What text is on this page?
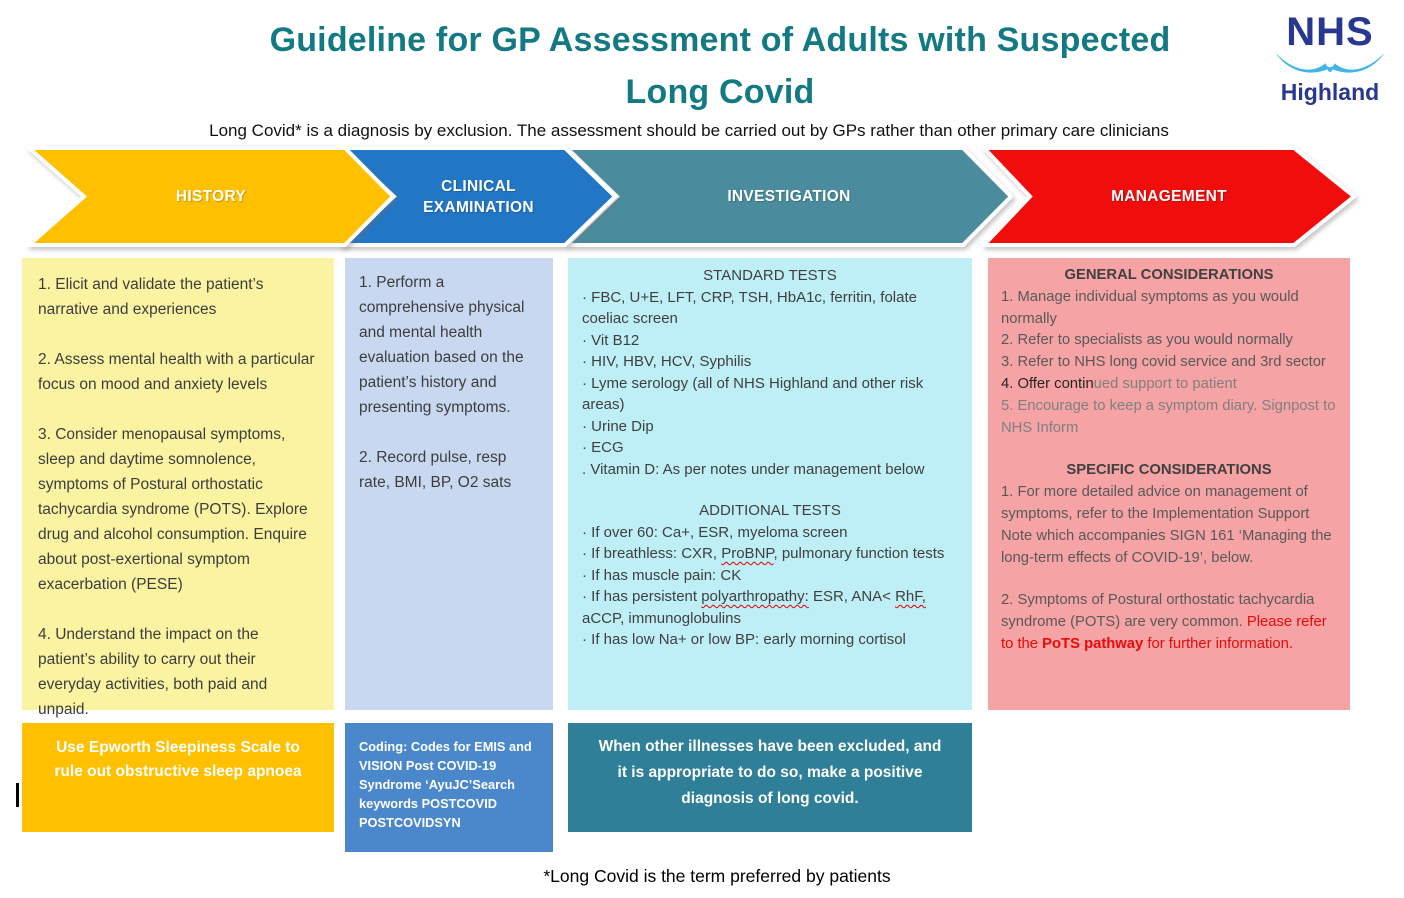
Guideline for GP Assessment of Adults with Suspected
Long Covid
NHS
Highland
Long Covid* is a diagnosis by exclusion. The assessment should be carried out by GPs rather than other primary care clinicians
HISTORY
CLINICAL EXAMINATION
INVESTIGATION	MANAGEMENT

1. Elicit and validate the patient’s narrative and experiences

2. Assess mental health with a particular focus on mood and anxiety levels

3. Consider menopausal symptoms, sleep and daytime somnolence, symptoms of Postural orthostatic tachycardia syndrome (POTS). Explore drug and alcohol consumption. Enquire about post-exertional symptom exacerbation (PESE)

4. Understand the impact on the patient’s ability to carry out their everyday activities, both paid and unpaid.

1. Perform a comprehensive physical and mental health evaluation based on the patient’s history and presenting symptoms.

2. Record pulse, resp rate, BMI, BP, O2 sats

STANDARD TESTS

· FBC, U+E, LFT, CRP, TSH, HbA1c, ferritin, folate coeliac screen
· Vit B12
· HIV, HBV, HCV, Syphilis
· Lyme serology (all of NHS Highland and other risk areas)
· Urine Dip
· ECG
. Vitamin D: As per notes under management below

ADDITIONAL TESTS

· If over 60: Ca+, ESR, myeloma screen
· If breathless: CXR, ProBNP, pulmonary function tests
· If has muscle pain: CK
· If has persistent polyarthropathy: ESR, ANA< RhF, aCCP, immunoglobulins
· If has low Na+ or low BP: early morning cortisol

GENERAL CONSIDERATIONS

1. Manage individual symptoms as you would normally
2. Refer to specialists as you would normally
3. Refer to NHS long covid service and 3rd sector
4. Offer continued support to patient
5. Encourage to keep a symptom diary. Signpost to NHS Inform

SPECIFIC CONSIDERATIONS

1. For more detailed advice on management of symptoms, refer to the Implementation Support Note which accompanies SIGN 161 ‘Managing the long-term effects of COVID-19’, below.
2. Symptoms of Postural orthostatic tachycardia syndrome (POTS) are very common. Please refer to the PoTS pathway for further information.
Use Epworth Sleepiness Scale to rule out obstructive sleep apnoea
Coding: Codes for EMIS and VISION Post COVID-19 Syndrome ‘AyuJC’Search keywords POSTCOVID POSTCOVIDSYN
When other illnesses have been excluded, and it is appropriate to do so, make a positive diagnosis of long covid.
*Long Covid is the term preferred by patients
